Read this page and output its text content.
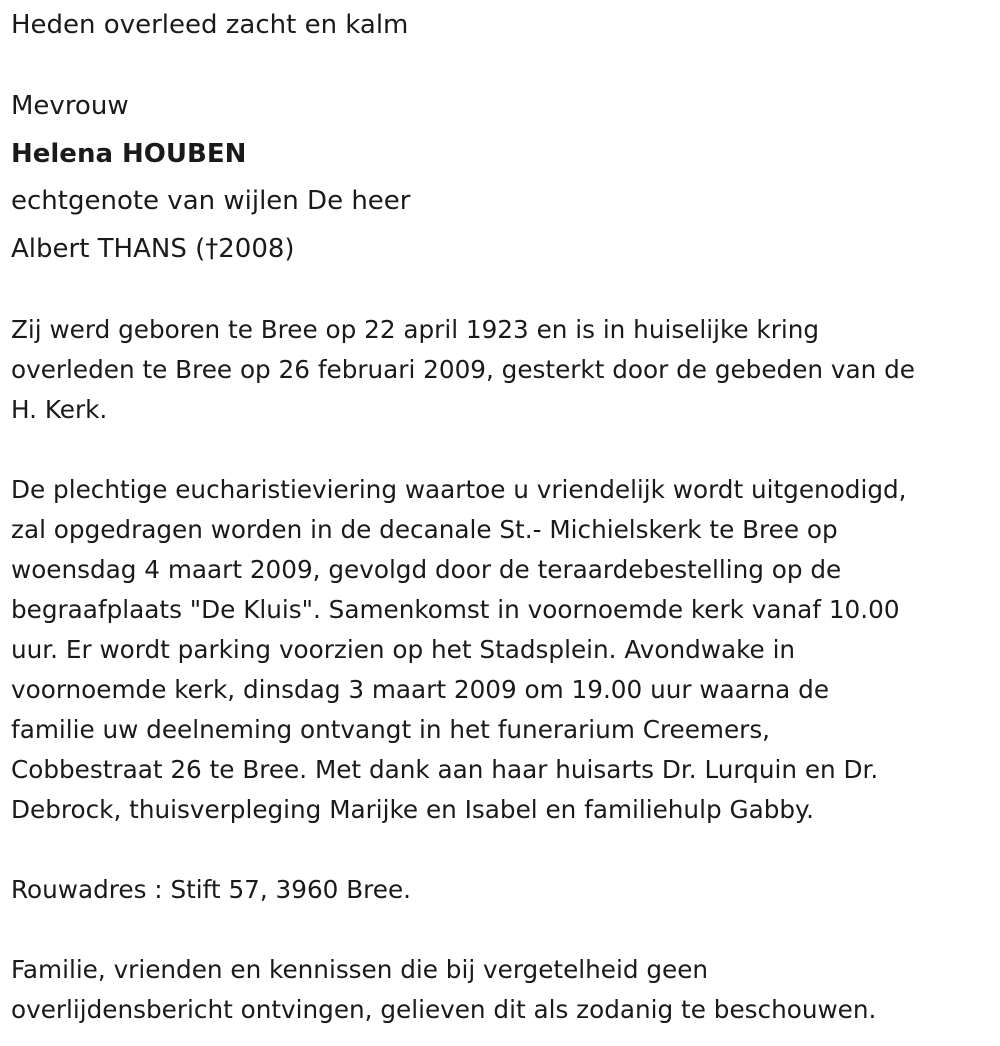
Heden overleed zacht en kalm
Mevrouw
Helena HOUBEN
echtgenote van wijlen De heer
Albert THANS (†2008)
Zij werd geboren te Bree op 22 april 1923 en is in huiselijke kring
overleden te Bree op 26 februari 2009, gesterkt door de gebeden van de
H. Kerk.
De plechtige eucharistieviering waartoe u vriendelijk wordt uitgenodigd,
zal opgedragen worden in de decanale St.- Michielskerk te Bree op
woensdag 4 maart 2009, gevolgd door de teraardebestelling op de
begraafplaats "De Kluis". Samenkomst in voornoemde kerk vanaf 10.00
uur. Er wordt parking voorzien op het Stadsplein. Avondwake in
voornoemde kerk, dinsdag 3 maart 2009 om 19.00 uur waarna de
familie uw deelneming ontvangt in het funerarium Creemers,
Cobbestraat 26 te Bree. Met dank aan haar huisarts Dr. Lurquin en Dr.
Debrock, thuisverpleging Marijke en Isabel en familiehulp Gabby.
Rouwadres : Stift 57, 3960 Bree.
Familie, vrienden en kennissen die bij vergetelheid geen
overlijdensbericht ontvingen, gelieven dit als zodanig te beschouwen.
